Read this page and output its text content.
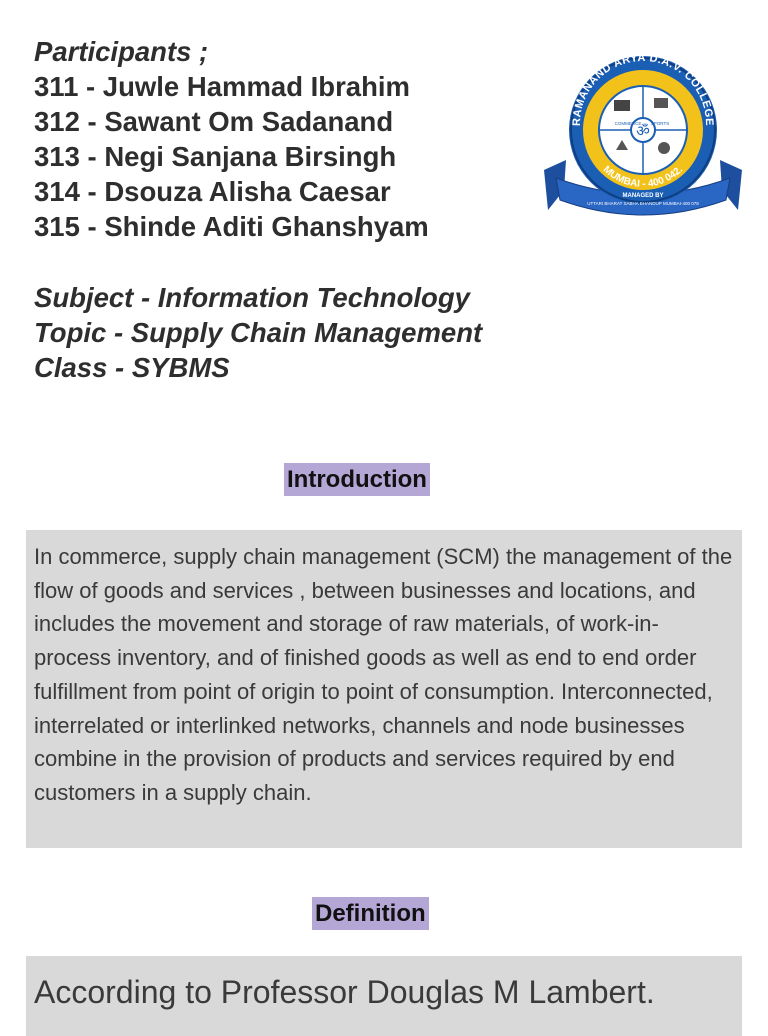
Participants ;
311 - Juwle Hammad Ibrahim
312 - Sawant Om Sadanand
313 - Negi Sanjana Birsingh
314 - Dsouza Alisha Caesar
315 - Shinde Aditi Ghanshyam
Subject - Information Technology
Topic - Supply Chain Management
Class - SYBMS
RAMANAND ARYA D.A.V. COLLEGE
MUMBAI - 400 042.
ॐ
COMMERCE SPORTS
MANAGED BY
UTTARI BHARAT SABHA BHANDUP MUMBAI-400 078
Introduction
In commerce, supply chain management (SCM) the management of the flow of goods and services , between businesses and locations, and includes the movement and storage of raw materials, of work-in-process inventory, and of finished goods as well as end to end order fulfillment from point of origin to point of consumption. Interconnected, interrelated or interlinked networks, channels and node businesses combine in the provision of products and services required by end customers in a supply chain.
Definition
According to Professor Douglas M Lambert.
